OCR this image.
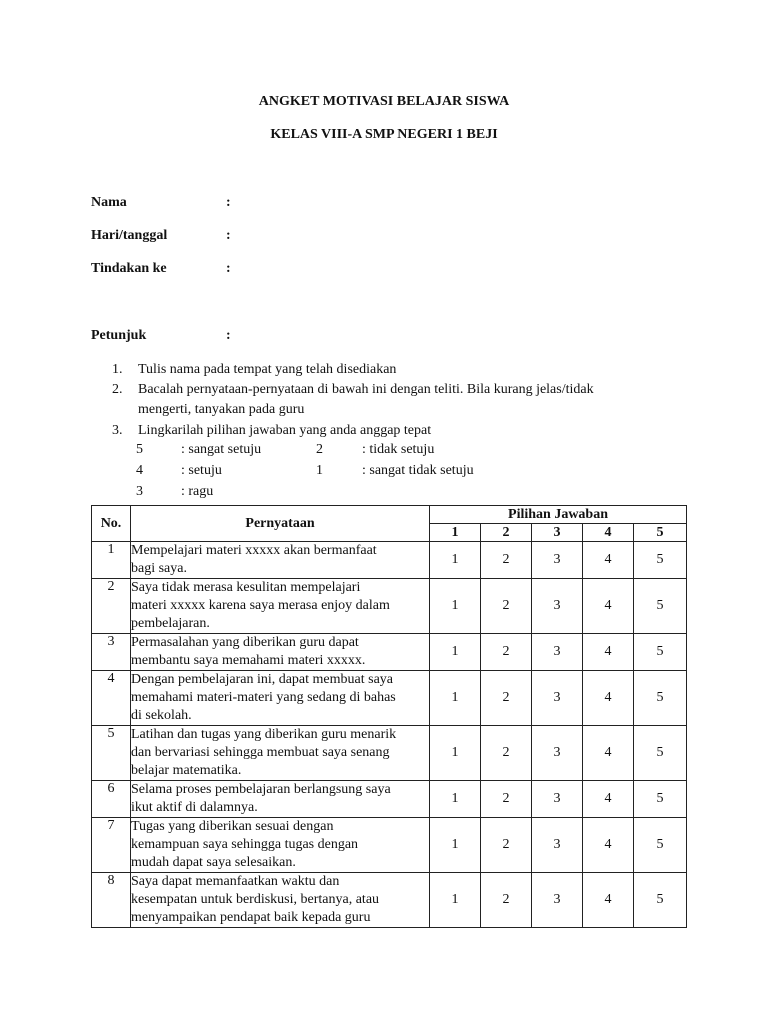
ANGKET MOTIVASI BELAJAR SISWA
KELAS VIII-A SMP NEGERI 1 BEJI
Nama	:
Hari/tanggal	:
Tindakan ke	:
Petunjuk	:
1. Tulis nama pada tempat yang telah disediakan
2. Bacalah pernyataan-pernyataan di bawah ini dengan teliti. Bila kurang jelas/tidak
mengerti, tanyakan pada guru
3. Lingkarilah pilihan jawaban yang anda anggap tepat
5	: sangat setuju	2	: tidak setuju
4	: setuju	1	: sangat tidak setuju
3	: ragu
No.	Pernyataan	Pilihan Jawaban				
		1	2	3	4	5
1	Mempelajari materi xxxxx akan bermanfaat
bagi saya.	1	2	3	4	5
2	Saya tidak merasa kesulitan mempelajari
materi xxxxx karena saya merasa enjoy dalam
pembelajaran.	1	2	3	4	5
3	Permasalahan yang diberikan guru dapat
membantu saya memahami materi xxxxx.	1	2	3	4	5
4	Dengan pembelajaran ini, dapat membuat saya
memahami materi-materi yang sedang di bahas
di sekolah.	1	2	3	4	5
5	Latihan dan tugas yang diberikan guru menarik
dan bervariasi sehingga membuat saya senang
belajar matematika.	1	2	3	4	5
6	Selama proses pembelajaran berlangsung saya
ikut aktif di dalamnya.	1	2	3	4	5
7	Tugas yang diberikan sesuai dengan
kemampuan saya sehingga tugas dengan
mudah dapat saya selesaikan.	1	2	3	4	5
8	Saya dapat memanfaatkan waktu dan
kesempatan untuk berdiskusi, bertanya, atau
menyampaikan pendapat baik kepada guru	1	2	3	4	5
